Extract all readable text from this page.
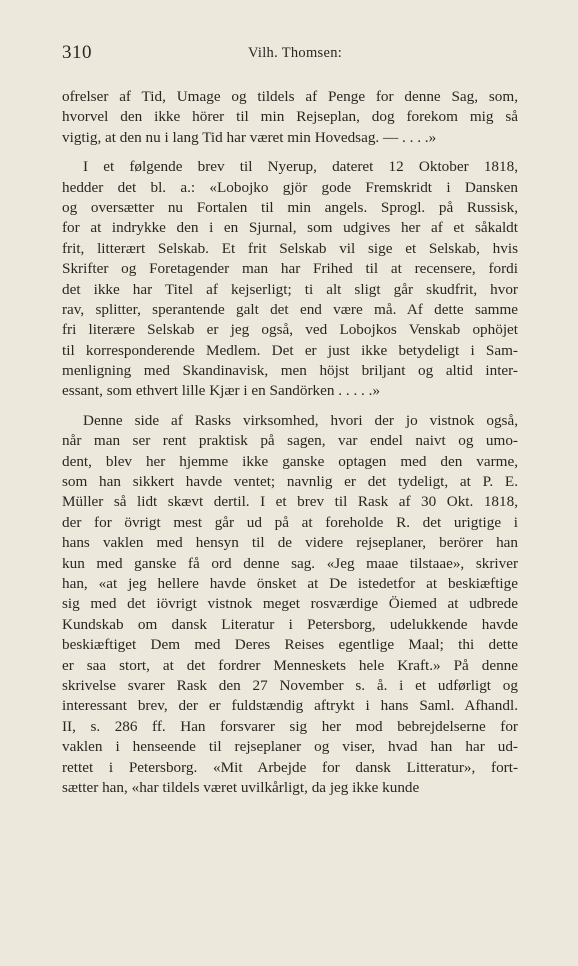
310	Vilh. Thomsen:
ofrelser af Tid, Umage og tildels af Penge for denne Sag, som,
hvorvel den ikke hörer til min Rejseplan, dog forekom mig så
vigtig, at den nu i lang Tid har været min Hovedsag. — . . . .»
I et følgende brev til Nyerup, dateret 12 Oktober 1818,
hedder det bl. a.: «Lobojko gjör gode Fremskridt i Dansken
og oversætter nu Fortalen til min angels. Sprogl. på Russisk,
for at indrykke den i en Sjurnal, som udgives her af et såkaldt
frit, litterært Selskab. Et frit Selskab vil sige et Selskab, hvis
Skrifter og Foretagender man har Frihed til at recensere, fordi
det ikke har Titel af kejserligt; ti alt sligt går skudfrit, hvor
rav, splitter, sperantende galt det end være må. Af dette samme
fri literære Selskab er jeg også, ved Lobojkos Venskab ophöjet
til korresponderende Medlem. Det er just ikke betydeligt i Sam-
menligning med Skandinavisk, men höjst briljant og altid inter-
essant, som ethvert lille Kjær i en Sandörken . . . . .»
Denne side af Rasks virksomhed, hvori der jo vistnok også,
når man ser rent praktisk på sagen, var endel naivt og umo-
dent, blev her hjemme ikke ganske optagen med den varme,
som han sikkert havde ventet; navnlig er det tydeligt, at P. E.
Müller så lidt skævt dertil. I et brev til Rask af 30 Okt. 1818,
der for övrigt mest går ud på at foreholde R. det urigtige i
hans vaklen med hensyn til de videre rejseplaner, berörer han
kun med ganske få ord denne sag. «Jeg maae tilstaae», skriver
han, «at jeg hellere havde önsket at De istedetfor at beskiæftige
sig med det iövrigt vistnok meget rosværdige Öiemed at udbrede
Kundskab om dansk Literatur i Petersborg, udelukkende havde
beskiæftiget Dem med Deres Reises egentlige Maal; thi dette
er saa stort, at det fordrer Menneskets hele Kraft.» På denne
skrivelse svarer Rask den 27 November s. å. i et udførligt og
interessant brev, der er fuldstændig aftrykt i hans Saml. Afhandl.
II, s. 286 ff. Han forsvarer sig her mod bebrejdelserne for
vaklen i henseende til rejseplaner og viser, hvad han har ud-
rettet i Petersborg. «Mit Arbejde for dansk Litteratur», fort-
sætter han, «har tildels været uvilkårligt, da jeg ikke kunde
